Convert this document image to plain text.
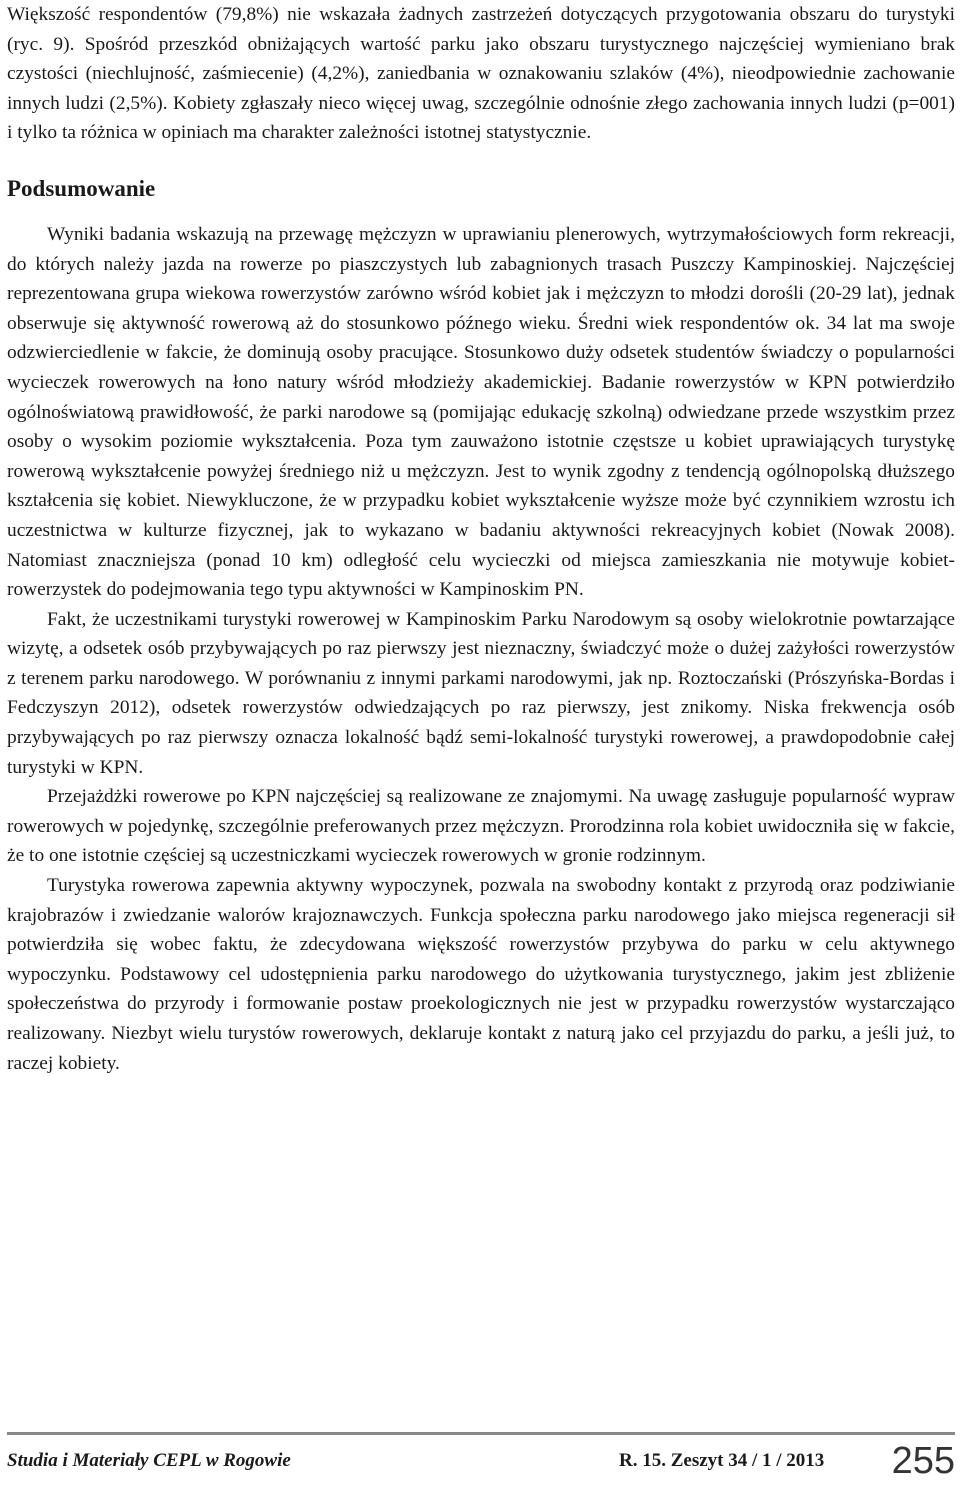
Większość respondentów (79,8%) nie wskazała żadnych zastrzeżeń dotyczących przygotowania obszaru do turystyki (ryc. 9). Spośród przeszkód obniżających wartość parku jako obszaru turystycznego najczęściej wymieniano brak czystości (niechlujność, zaśmiecenie) (4,2%), zaniedbania w oznakowaniu szlaków (4%), nieodpowiednie zachowanie innych ludzi (2,5%). Kobiety zgłaszały nieco więcej uwag, szczególnie odnośnie złego zachowania innych ludzi (p=001) i tylko ta różnica w opiniach ma charakter zależności istotnej statystycznie.

Podsumowanie

Wyniki badania wskazują na przewagę mężczyzn w uprawianiu plenerowych, wytrzymałościowych form rekreacji, do których należy jazda na rowerze po piaszczystych lub zabagnionych trasach Puszczy Kampinoskiej. Najczęściej reprezentowana grupa wiekowa rowerzystów zarówno wśród kobiet jak i mężczyzn to młodzi dorośli (20-29 lat), jednak obserwuje się aktywność rowerową aż do stosunkowo późnego wieku. Średni wiek respondentów ok. 34 lat ma swoje odzwierciedlenie w fakcie, że dominują osoby pracujące. Stosunkowo duży odsetek studentów świadczy o popularności wycieczek rowerowych na łono natury wśród młodzieży akademickiej. Badanie rowerzystów w KPN potwierdziło ogólnoświatową prawidłowość, że parki narodowe są (pomijając edukację szkolną) odwiedzane przede wszystkim przez osoby o wysokim poziomie wykształcenia. Poza tym zauważono istotnie częstsze u kobiet uprawiających turystykę rowerową wykształcenie powyżej średniego niż u mężczyzn. Jest to wynik zgodny z tendencją ogólnopolską dłuższego kształcenia się kobiet. Niewykluczone, że w przypadku kobiet wykształcenie wyższe może być czynnikiem wzrostu ich uczestnictwa w kulturze fizycznej, jak to wykazano w badaniu aktywności rekreacyjnych kobiet (Nowak 2008). Natomiast znaczniejsza (ponad 10 km) odległość celu wycieczki od miejsca zamieszkania nie motywuje kobiet-rowerzystek do podejmowania tego typu aktywności w Kampinoskim PN.

Fakt, że uczestnikami turystyki rowerowej w Kampinoskim Parku Narodowym są osoby wielokrotnie powtarzające wizytę, a odsetek osób przybywających po raz pierwszy jest nieznaczny, świadczyć może o dużej zażyłości rowerzystów z terenem parku narodowego. W porównaniu z innymi parkami narodowymi, jak np. Roztoczański (Prószyńska-Bordas i Fedczyszyn 2012), odsetek rowerzystów odwiedzających po raz pierwszy, jest znikomy. Niska frekwencja osób przybywających po raz pierwszy oznacza lokalność bądź semi-lokalność turystyki rowerowej, a prawdopodobnie całej turystyki w KPN.

Przejażdżki rowerowe po KPN najczęściej są realizowane ze znajomymi. Na uwagę zasługuje popularność wypraw rowerowych w pojedynkę, szczególnie preferowanych przez mężczyzn. Prorodzinna rola kobiet uwidoczniła się w fakcie, że to one istotnie częściej są uczestniczkami wycieczek rowerowych w gronie rodzinnym.

Turystyka rowerowa zapewnia aktywny wypoczynek, pozwala na swobodny kontakt z przyrodą oraz podziwianie krajobrazów i zwiedzanie walorów krajoznawczych. Funkcja społeczna parku narodowego jako miejsca regeneracji sił potwierdziła się wobec faktu, że zdecydowana większość rowerzystów przybywa do parku w celu aktywnego wypoczynku. Podstawowy cel udostępnienia parku narodowego do użytkowania turystycznego, jakim jest zbliżenie społeczeństwa do przyrody i formowanie postaw proekologicznych nie jest w przypadku rowerzystów wystarczająco realizowany. Niezbyt wielu turystów rowerowych, deklaruje kontakt z naturą jako cel przyjazdu do parku, a jeśli już, to raczej kobiety.

Studia i Materiały CEPL w Rogowie	R. 15. Zeszyt 34 / 1 / 2013 255
